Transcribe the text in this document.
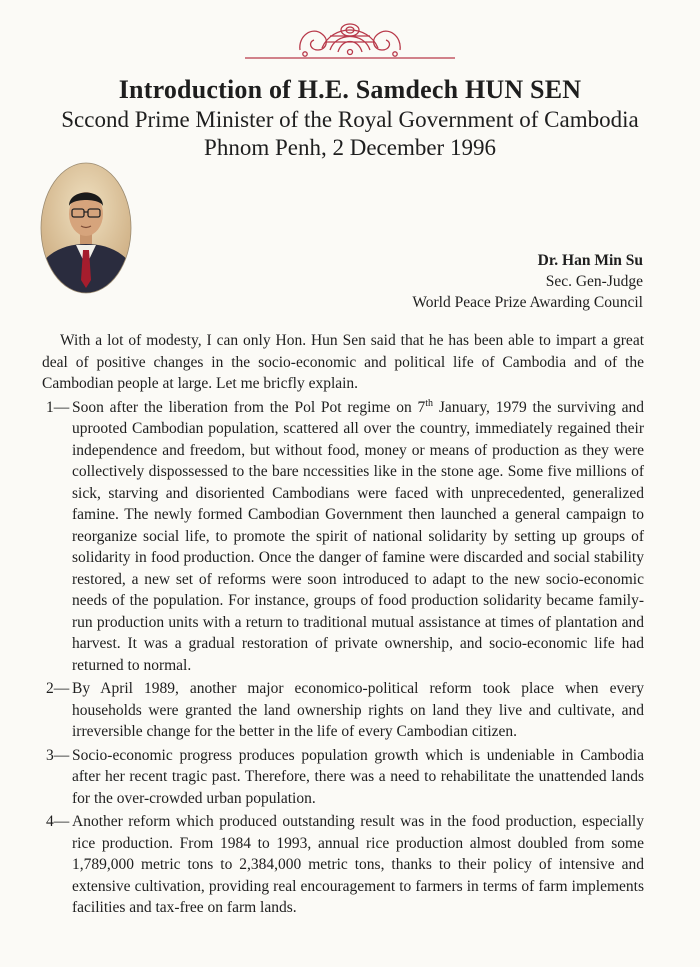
Introduction of H.E. Samdech HUN SEN
Sccond Prime Minister of the Royal Government of Cambodia
Phnom Penh, 2 December 1996
Dr. Han Min Su
Sec. Gen-Judge
World Peace Prize Awarding Council

With a lot of modesty, I can only Hon. Hun Sen said that he has been able to impart a great deal of positive changes in the socio-economic and political life of Cambodia and of the Cambodian people at large. Let me bricfly explain.

1 —	Soon after the liberation from the Pol Pot regime on 7th January, 1979 the surviving and uprooted Cambodian population, scattered all over the country, immediately regained their independence and freedom, but without food, money or means of production as they were collectively dispossessed to the bare nccessities like in the stone age. Some five millions of sick, starving and disoriented Cambodians were faced with unprecedented, generalized famine. The newly formed Cambodian Government then launched a general campaign to reorganize social life, to promote the spirit of national solidarity by setting up groups of solidarity in food production. Once the danger of famine were discarded and social stability restored, a new set of reforms were soon introduced to adapt to the new socio-economic needs of the population. For instance, groups of food production solidarity became family-run production units with a return to traditional mutual assistance at times of plantation and harvest. It was a gradual restoration of private ownership, and socio-economic life had returned to normal.
2 —	By April 1989, another major economico-political reform took place when every households were granted the land ownership rights on land they live and cultivate, and irreversible change for the better in the life of every Cambodian citizen.
3 —	Socio-economic progress produces population growth which is undeniable in Cambodia after her recent tragic past. Therefore, there was a need to rehabilitate the unattended lands for the over-crowded urban population.
4 —	Another reform which produced outstanding result was in the food production, especially rice production. From 1984 to 1993, annual rice production almost doubled from some 1,789,000 metric tons to 2,384,000 metric tons, thanks to their policy of intensive and extensive cultivation, providing real encouragement to farmers in terms of farm implements facilities and tax-free on farm lands.
